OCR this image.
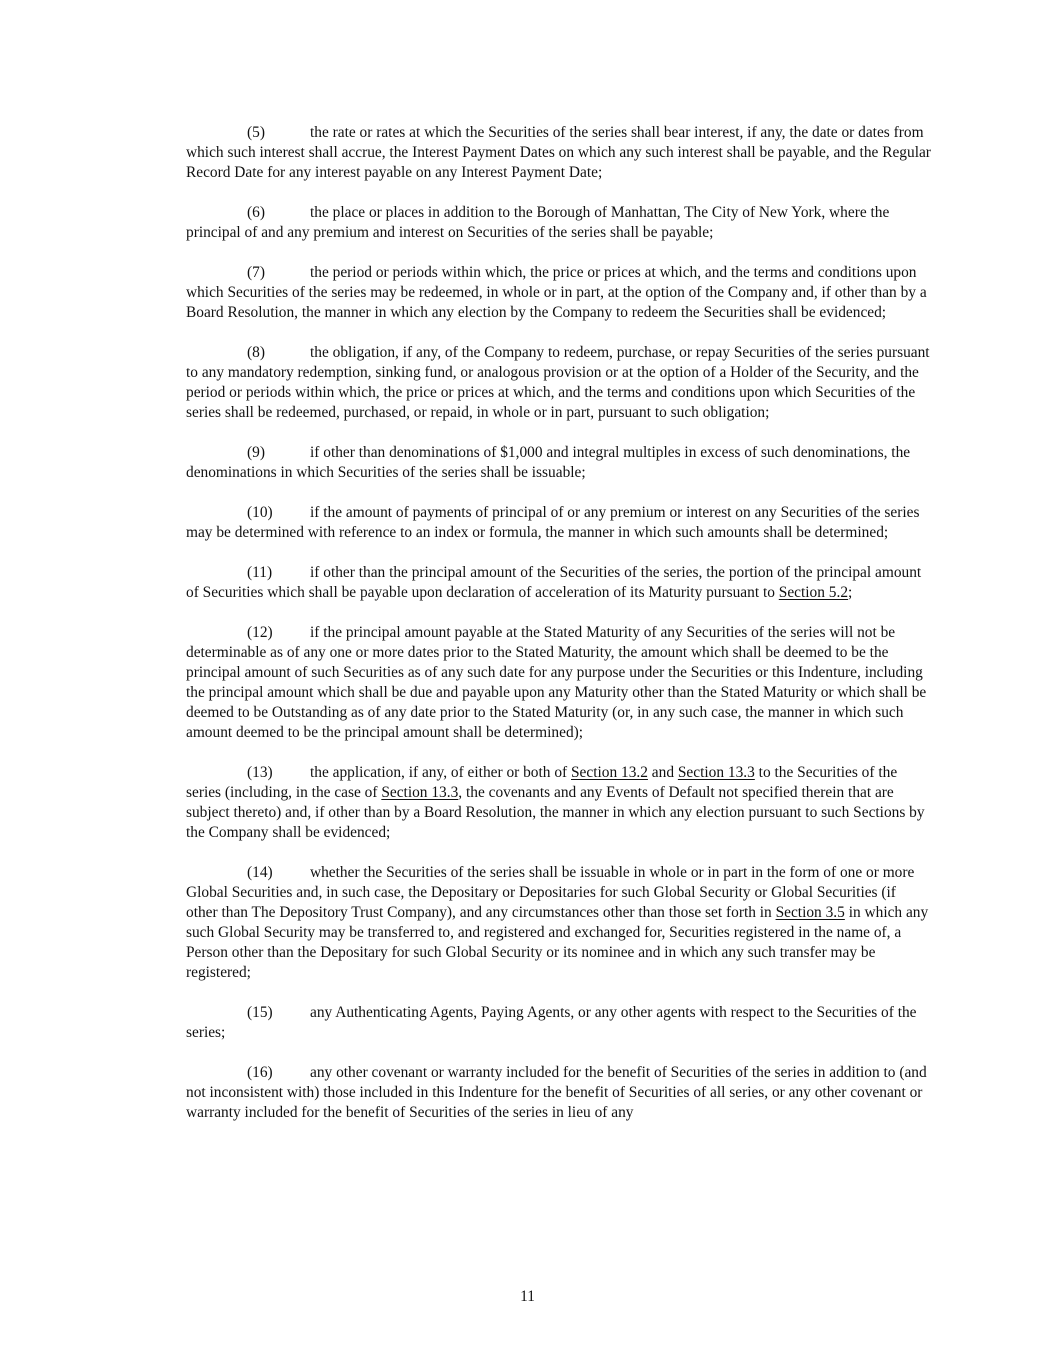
(5)	the rate or rates at which the Securities of the series shall bear interest, if any, the date or dates from which such interest shall accrue, the Interest Payment Dates on which any such interest shall be payable, and the Regular Record Date for any interest payable on any Interest Payment Date;

(6)	the place or places in addition to the Borough of Manhattan, The City of New York, where the principal of and any premium and interest on Securities of the series shall be payable;

(7)	the period or periods within which, the price or prices at which, and the terms and conditions upon which Securities of the series may be redeemed, in whole or in part, at the option of the Company and, if other than by a Board Resolution, the manner in which any election by the Company to redeem the Securities shall be evidenced;

(8)	the obligation, if any, of the Company to redeem, purchase, or repay Securities of the series pursuant to any mandatory redemption, sinking fund, or analogous provision or at the option of a Holder of the Security, and the period or periods within which, the price or prices at which, and the terms and conditions upon which Securities of the series shall be redeemed, purchased, or repaid, in whole or in part, pursuant to such obligation;

(9)	if other than denominations of $1,000 and integral multiples in excess of such denominations, the denominations in which Securities of the series shall be issuable;

(10) if the amount of payments of principal of or any premium or interest on any Securities of the series may be determined with reference to an index or formula, the manner in which such amounts shall be determined;

(11) if other than the principal amount of the Securities of the series, the portion of the principal amount of Securities which shall be payable upon declaration of acceleration of its Maturity pursuant to Section 5.2;

(12) if the principal amount payable at the Stated Maturity of any Securities of the series will not be determinable as of any one or more dates prior to the Stated Maturity, the amount which shall be deemed to be the principal amount of such Securities as of any such date for any purpose under the Securities or this Indenture, including the principal amount which shall be due and payable upon any Maturity other than the Stated Maturity or which shall be deemed to be Outstanding as of any date prior to the Stated Maturity (or, in any such case, the manner in which such amount deemed to be the principal amount shall be determined);

(13) the application, if any, of either or both of Section 13.2 and Section 13.3 to the Securities of the series (including, in the case of Section 13.3, the covenants and any Events of Default not specified therein that are subject thereto) and, if other than by a Board Resolution, the manner in which any election pursuant to such Sections by the Company shall be evidenced;

(14) whether the Securities of the series shall be issuable in whole or in part in the form of one or more Global Securities and, in such case, the Depositary or Depositaries for such Global Security or Global Securities (if other than The Depository Trust Company), and any circumstances other than those set forth in Section 3.5 in which any such Global Security may be transferred to, and registered and exchanged for, Securities registered in the name of, a Person other than the Depositary for such Global Security or its nominee and in which any such transfer may be registered;

(15) any Authenticating Agents, Paying Agents, or any other agents with respect to the Securities of the series;

(16) any other covenant or warranty included for the benefit of Securities of the series in addition to (and not inconsistent with) those included in this Indenture for the benefit of Securities of all series, or any other covenant or warranty included for the benefit of Securities of the series in lieu of any

11
